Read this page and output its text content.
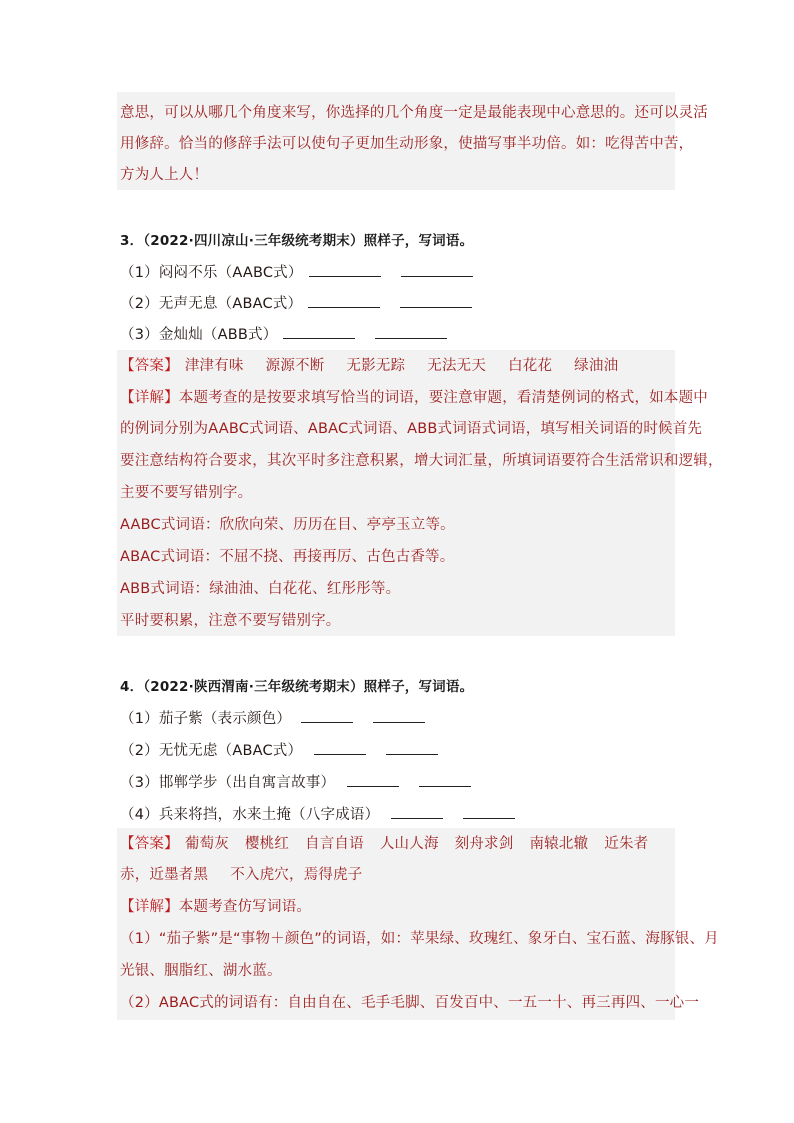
意思，可以从哪几个角度来写，你选择的几个角度一定是最能表现中心意思的。还可以灵活
用修辞。恰当的修辞手法可以使句子更加生动形象，使描写事半功倍。如：吃得苦中苦，
方为人上人！
3．（2022·四川凉山·三年级统考期末）照样子，写词语。
（1）闷闷不乐（AABC式）
（2）无声无息（ABAC式）
（3）金灿灿（ABB式）
【答案】 津津有味 源源不断 无影无踪 无法无天 白花花 绿油油
【详解】本题考查的是按要求填写恰当的词语，要注意审题，看清楚例词的格式，如本题中
的例词分别为AABC式词语、ABAC式词语、ABB式词语式词语，填写相关词语的时候首先
要注意结构符合要求，其次平时多注意积累，增大词汇量，所填词语要符合生活常识和逻辑，
主要不要写错别字。
AABC式词语：欣欣向荣、历历在目、亭亭玉立等。
ABAC式词语：不屈不挠、再接再厉、古色古香等。
ABB式词语：绿油油、白花花、红彤彤等。
平时要积累，注意不要写错别字。
4．（2022·陕西渭南·三年级统考期末）照样子，写词语。
（1）茄子紫（表示颜色）
（2）无忧无虑（ABAC式）
（3）邯郸学步（出自寓言故事）
（4）兵来将挡，水来土掩（八字成语）
【答案】 葡萄灰 樱桃红 自言自语 人山人海 刻舟求剑 南辕北辙 近朱者
赤，近墨者黑 不入虎穴，焉得虎子
【详解】本题考查仿写词语。
（1）“茄子紫”是“事物＋颜色”的词语，如：苹果绿、玫瑰红、象牙白、宝石蓝、海豚银、月
光银、胭脂红、湖水蓝。
（2）ABAC式的词语有：自由自在、毛手毛脚、百发百中、一五一十、再三再四、一心一
